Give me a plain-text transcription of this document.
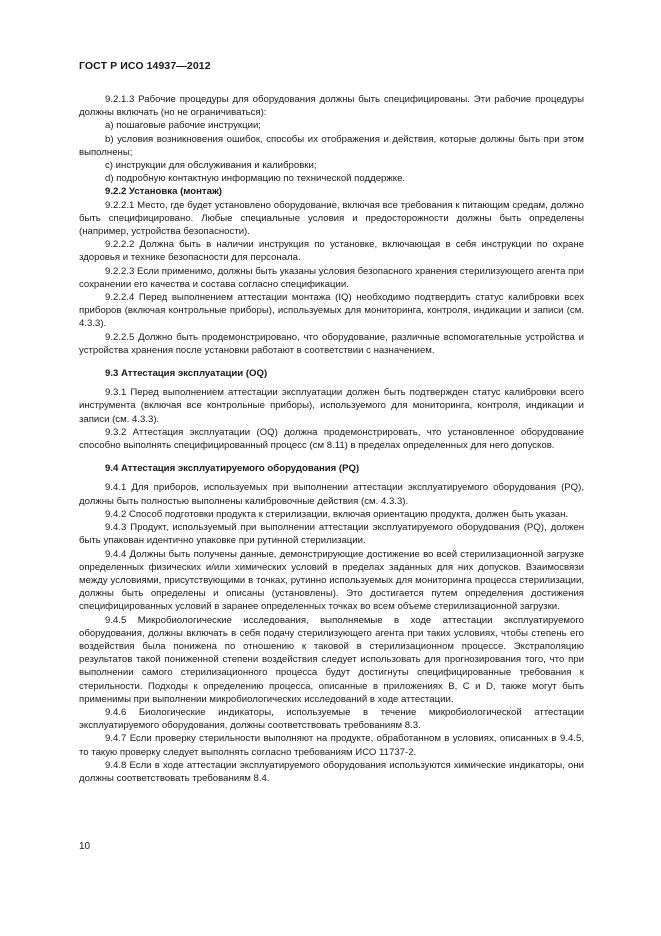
ГОСТ Р ИСО 14937—2012

9.2.1.3 Рабочие процедуры для оборудования должны быть специфицированы. Эти рабочие процедуры должны включать (но не ограничиваться):

a) пошаговые рабочие инструкции;

b) условия возникновения ошибок, способы их отображения и действия, которые должны быть при этом выполнены;

c) инструкции для обслуживания и калибровки;

d) подробную контактную информацию по технической поддержке.

9.2.2 Установка (монтаж)

9.2.2.1 Место, где будет установлено оборудование, включая все требования к питающим средам, должно быть специфицировано. Любые специальные условия и предосторожности должны быть определены (например, устройства безопасности).

9.2.2.2 Должна быть в наличии инструкция по установке, включающая в себя инструкции по охране здоровья и технике безопасности для персонала.

9.2.2.3 Если применимо, должны быть указаны условия безопасного хранения стерилизующего агента при сохранении его качества и состава согласно спецификации.

9.2.2.4 Перед выполнением аттестации монтажа (IQ) необходимо подтвердить статус калибровки всех приборов (включая контрольные приборы), используемых для мониторинга, контроля, индикации и записи (см. 4.3.3).

9.2.2.5 Должно быть продемонстрировано, что оборудование, различные вспомогательные устройства и устройства хранения после установки работают в соответствии с назначением.

9.3 Аттестация эксплуатации (OQ)

9.3.1 Перед выполнением аттестации эксплуатации должен быть подтвержден статус калибровки всего инструмента (включая все контрольные приборы), используемого для мониторинга, контроля, индикации и записи (см. 4.3.3).

9.3.2 Аттестация эксплуатации (OQ) должна продемонстрировать, что установленное оборудование способно выполнять специфицированный процесс (см 8.11) в пределах определенных для него допусков.

9.4 Аттестация эксплуатируемого оборудования (PQ)

9.4.1 Для приборов, используемых при выполнении аттестации эксплуатируемого оборудования (PQ), должны быть полностью выполнены калибровочные действия (см. 4.3.3).

9.4.2 Способ подготовки продукта к стерилизации, включая ориентацию продукта, должен быть указан.

9.4.3 Продукт, используемый при выполнении аттестации эксплуатируемого оборудования (PQ), должен быть упакован идентично упаковке при рутинной стерилизации.

9.4.4 Должны быть получены данные, демонстрирующие достижение во всей стерилизационной загрузке определенных физических и/или химических условий в пределах заданных для них допусков. Взаимосвязи между условиями, присутствующими в точках, рутинно используемых для мониторинга процесса стерилизации, должны быть определены и описаны (установлены). Это достигается путем определения достижения специфицированных условий в заранее определенных точках во всем объеме стерилизационной загрузки.

9.4.5 Микробиологические исследования, выполняемые в ходе аттестации эксплуатируемого оборудования, должны включать в себя подачу стерилизующего агента при таких условиях, чтобы степень его воздействия была понижена по отношению к таковой в стерилизационном процессе. Экстраполяцию результатов такой пониженной степени воздействия следует использовать для прогнозирования того, что при выполнении самого стерилизационного процесса будут достигнуты специфицированные требования к стерильности. Подходы к определению процесса, описанные в приложениях B, C и D, также могут быть применимы при выполнении микробиологических исследований в ходе аттестации.

9.4.6 Биологические индикаторы, используемые в течение микробиологической аттестации эксплуатируемого оборудования, должны соответствовать требованиям 8.3.

9.4.7 Если проверку стерильности выполняют на продукте, обработанном в условиях, описанных в 9.4.5, то такую проверку следует выполнять согласно требованиям ИСО 11737-2.

9.4.8 Если в ходе аттестации эксплуатируемого оборудования используются химические индикаторы, они должны соответствовать требованиям 8.4.

10
